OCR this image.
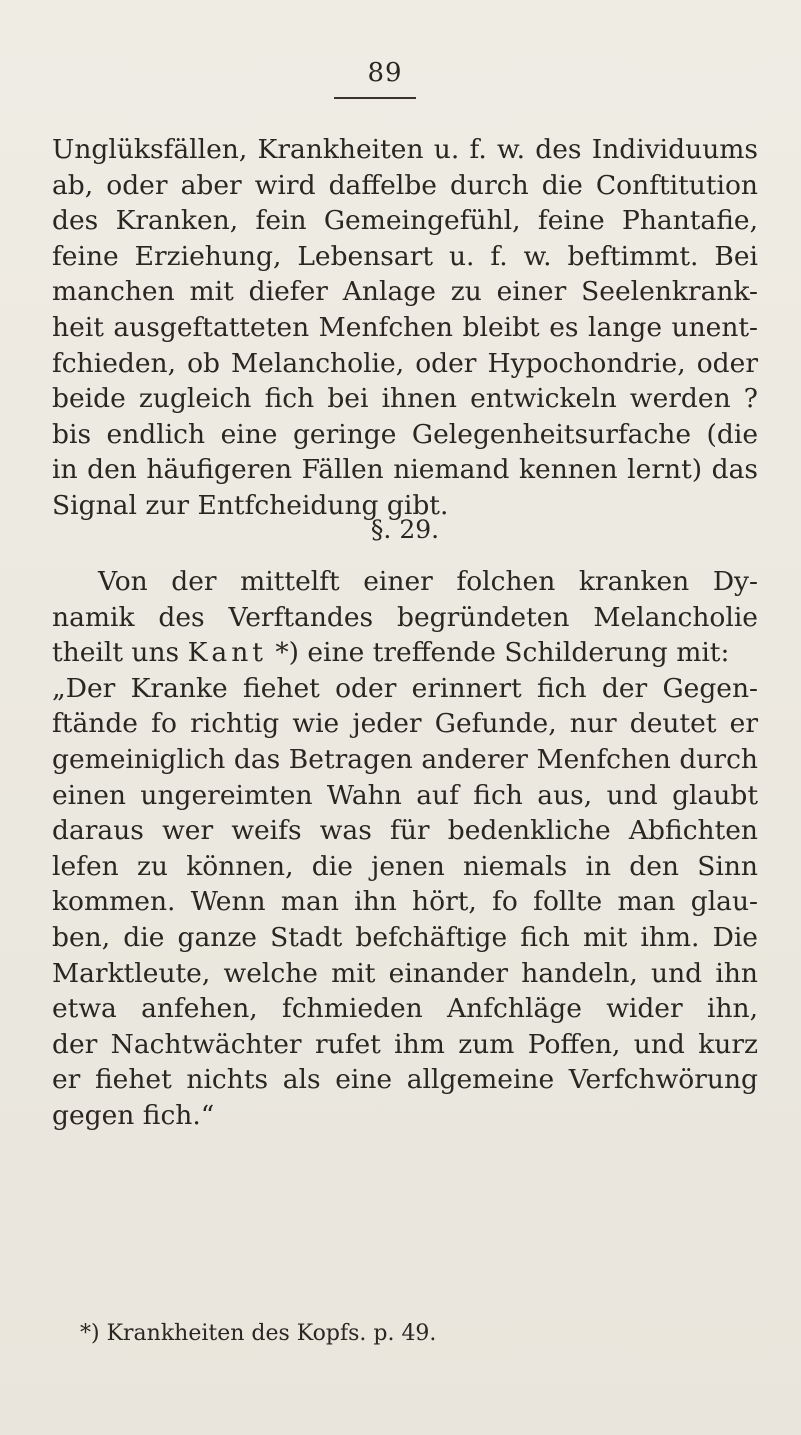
89
Unglüksfällen, Krankheiten u. f. w. des Individuums
ab, oder aber wird daffelbe durch die Conftitution
des Kranken, fein Gemeingefühl, feine Phantafie,
feine Erziehung, Lebensart u. f. w. beftimmt. Bei
manchen mit diefer Anlage zu einer Seelenkrank-
heit ausgeftatteten Menfchen bleibt es lange unent-
fchieden, ob Melancholie, oder Hypochondrie, oder
beide zugleich fich bei ihnen entwickeln werden ?
bis endlich eine geringe Gelegenheitsurfache (die
in den häufigeren Fällen niemand kennen lernt) das
Signal zur Entfcheidung gibt.
§. 29.
Von der mittelft einer folchen kranken Dy-
namik des Verftandes begründeten Melancholie
theilt uns Kant *) eine treffende Schilderung mit:
„Der Kranke fiehet oder erinnert fich der Gegen-
ftände fo richtig wie jeder Gefunde, nur deutet er
gemeiniglich das Betragen anderer Menfchen durch
einen ungereimten Wahn auf fich aus, und glaubt
daraus wer weifs was für bedenkliche Abfichten
lefen zu können, die jenen niemals in den Sinn
kommen. Wenn man ihn hört, fo follte man glau-
ben, die ganze Stadt befchäftige fich mit ihm. Die
Marktleute, welche mit einander handeln, und ihn
etwa anfehen, fchmieden Anfchläge wider ihn,
der Nachtwächter rufet ihm zum Poffen, und kurz
er fiehet nichts als eine allgemeine Verfchwörung
gegen fich.“
*) Krankheiten des Kopfs. p. 49.
